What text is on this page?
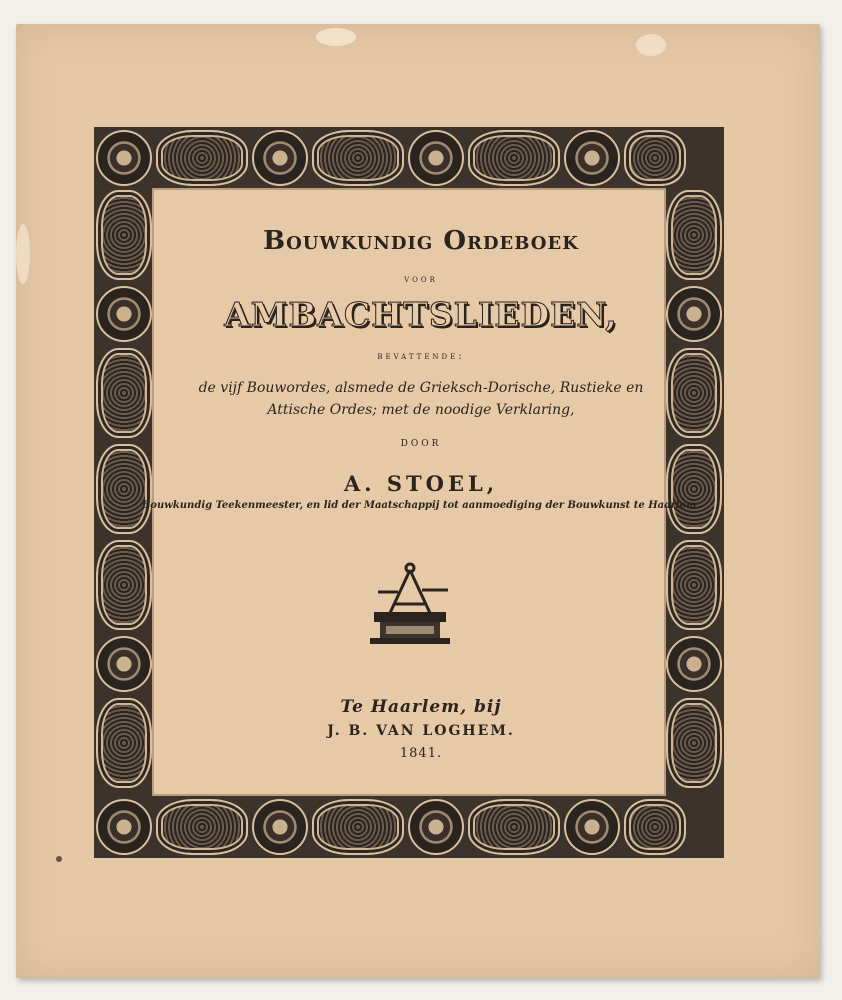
Bouwkundig Ordeboek
voor
AMBACHTSLIEDEN,
bevattende:
de vijf Bouwordes, alsmede de Grieksch-Dorische, Rustieke en Attische Ordes; met de noodige Verklaring,
DOOR
A. STOEL,
Bouwkundig Teekenmeester, en lid der Maatschappij tot aanmoediging der Bouwkunst te Haarlem.
Te Haarlem, bij
J. B. VAN LOGHEM.
1841.
